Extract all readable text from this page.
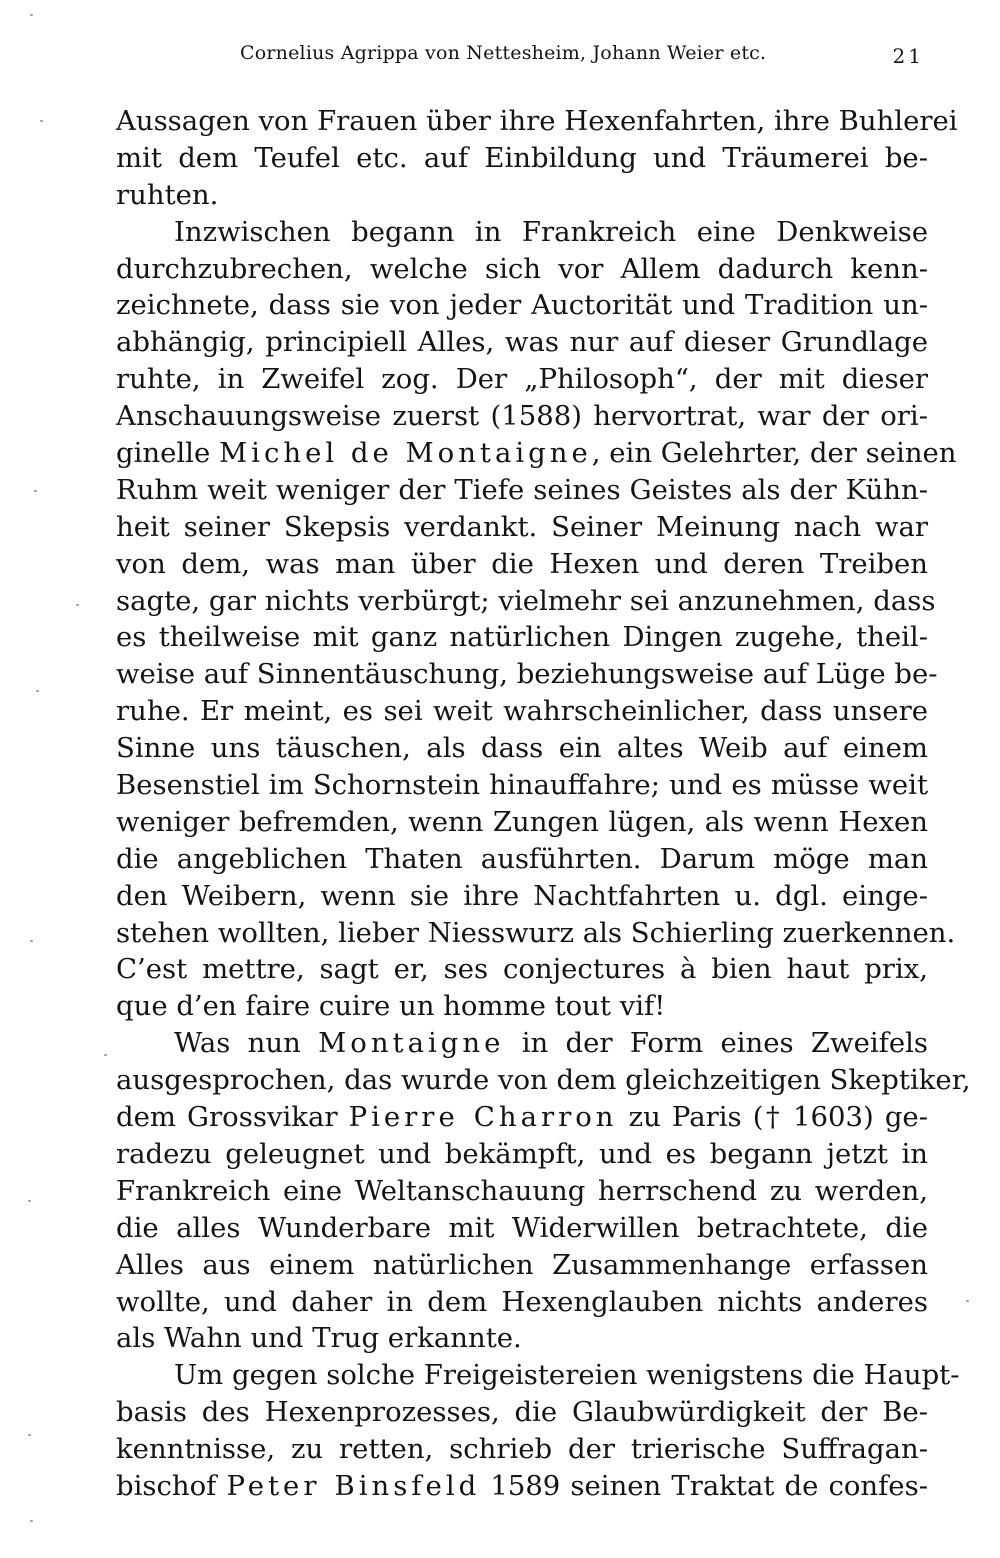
Cornelius Agrippa von Nettesheim, Johann Weier etc.	21
Aussagen von Frauen über ihre Hexenfahrten, ihre Buhlerei
mit dem Teufel etc. auf Einbildung und Träumerei be-
ruhten.
Inzwischen begann in Frankreich eine Denkweise
durchzubrechen, welche sich vor Allem dadurch kenn-
zeichnete, dass sie von jeder Auctorität und Tradition un-
abhängig, principiell Alles, was nur auf dieser Grundlage
ruhte, in Zweifel zog. Der „Philosoph“, der mit dieser
Anschauungsweise zuerst (1588) hervortrat, war der ori-
ginelle Michel de Montaigne, ein Gelehrter, der seinen
Ruhm weit weniger der Tiefe seines Geistes als der Kühn-
heit seiner Skepsis verdankt. Seiner Meinung nach war
von dem, was man über die Hexen und deren Treiben
sagte, gar nichts verbürgt; vielmehr sei anzunehmen, dass
es theilweise mit ganz natürlichen Dingen zugehe, theil-
weise auf Sinnentäuschung, beziehungsweise auf Lüge be-
ruhe. Er meint, es sei weit wahrscheinlicher, dass unsere
Sinne uns täuschen, als dass ein altes Weib auf einem
Besenstiel im Schornstein hinauffahre; und es müsse weit
weniger befremden, wenn Zungen lügen, als wenn Hexen
die angeblichen Thaten ausführten. Darum möge man
den Weibern, wenn sie ihre Nachtfahrten u. dgl. einge-
stehen wollten, lieber Niesswurz als Schierling zuerkennen.
C’est mettre, sagt er, ses conjectures à bien haut prix,
que d’en faire cuire un homme tout vif!
Was nun Montaigne in der Form eines Zweifels
ausgesprochen, das wurde von dem gleichzeitigen Skeptiker,
dem Grossvikar Pierre Charron zu Paris († 1603) ge-
radezu geleugnet und bekämpft, und es begann jetzt in
Frankreich eine Weltanschauung herrschend zu werden,
die alles Wunderbare mit Widerwillen betrachtete, die
Alles aus einem natürlichen Zusammenhange erfassen
wollte, und daher in dem Hexenglauben nichts anderes
als Wahn und Trug erkannte.
Um gegen solche Freigeistereien wenigstens die Haupt-
basis des Hexenprozesses, die Glaubwürdigkeit der Be-
kenntnisse, zu retten, schrieb der trierische Suffragan-
bischof Peter Binsfeld 1589 seinen Traktat de confes-
